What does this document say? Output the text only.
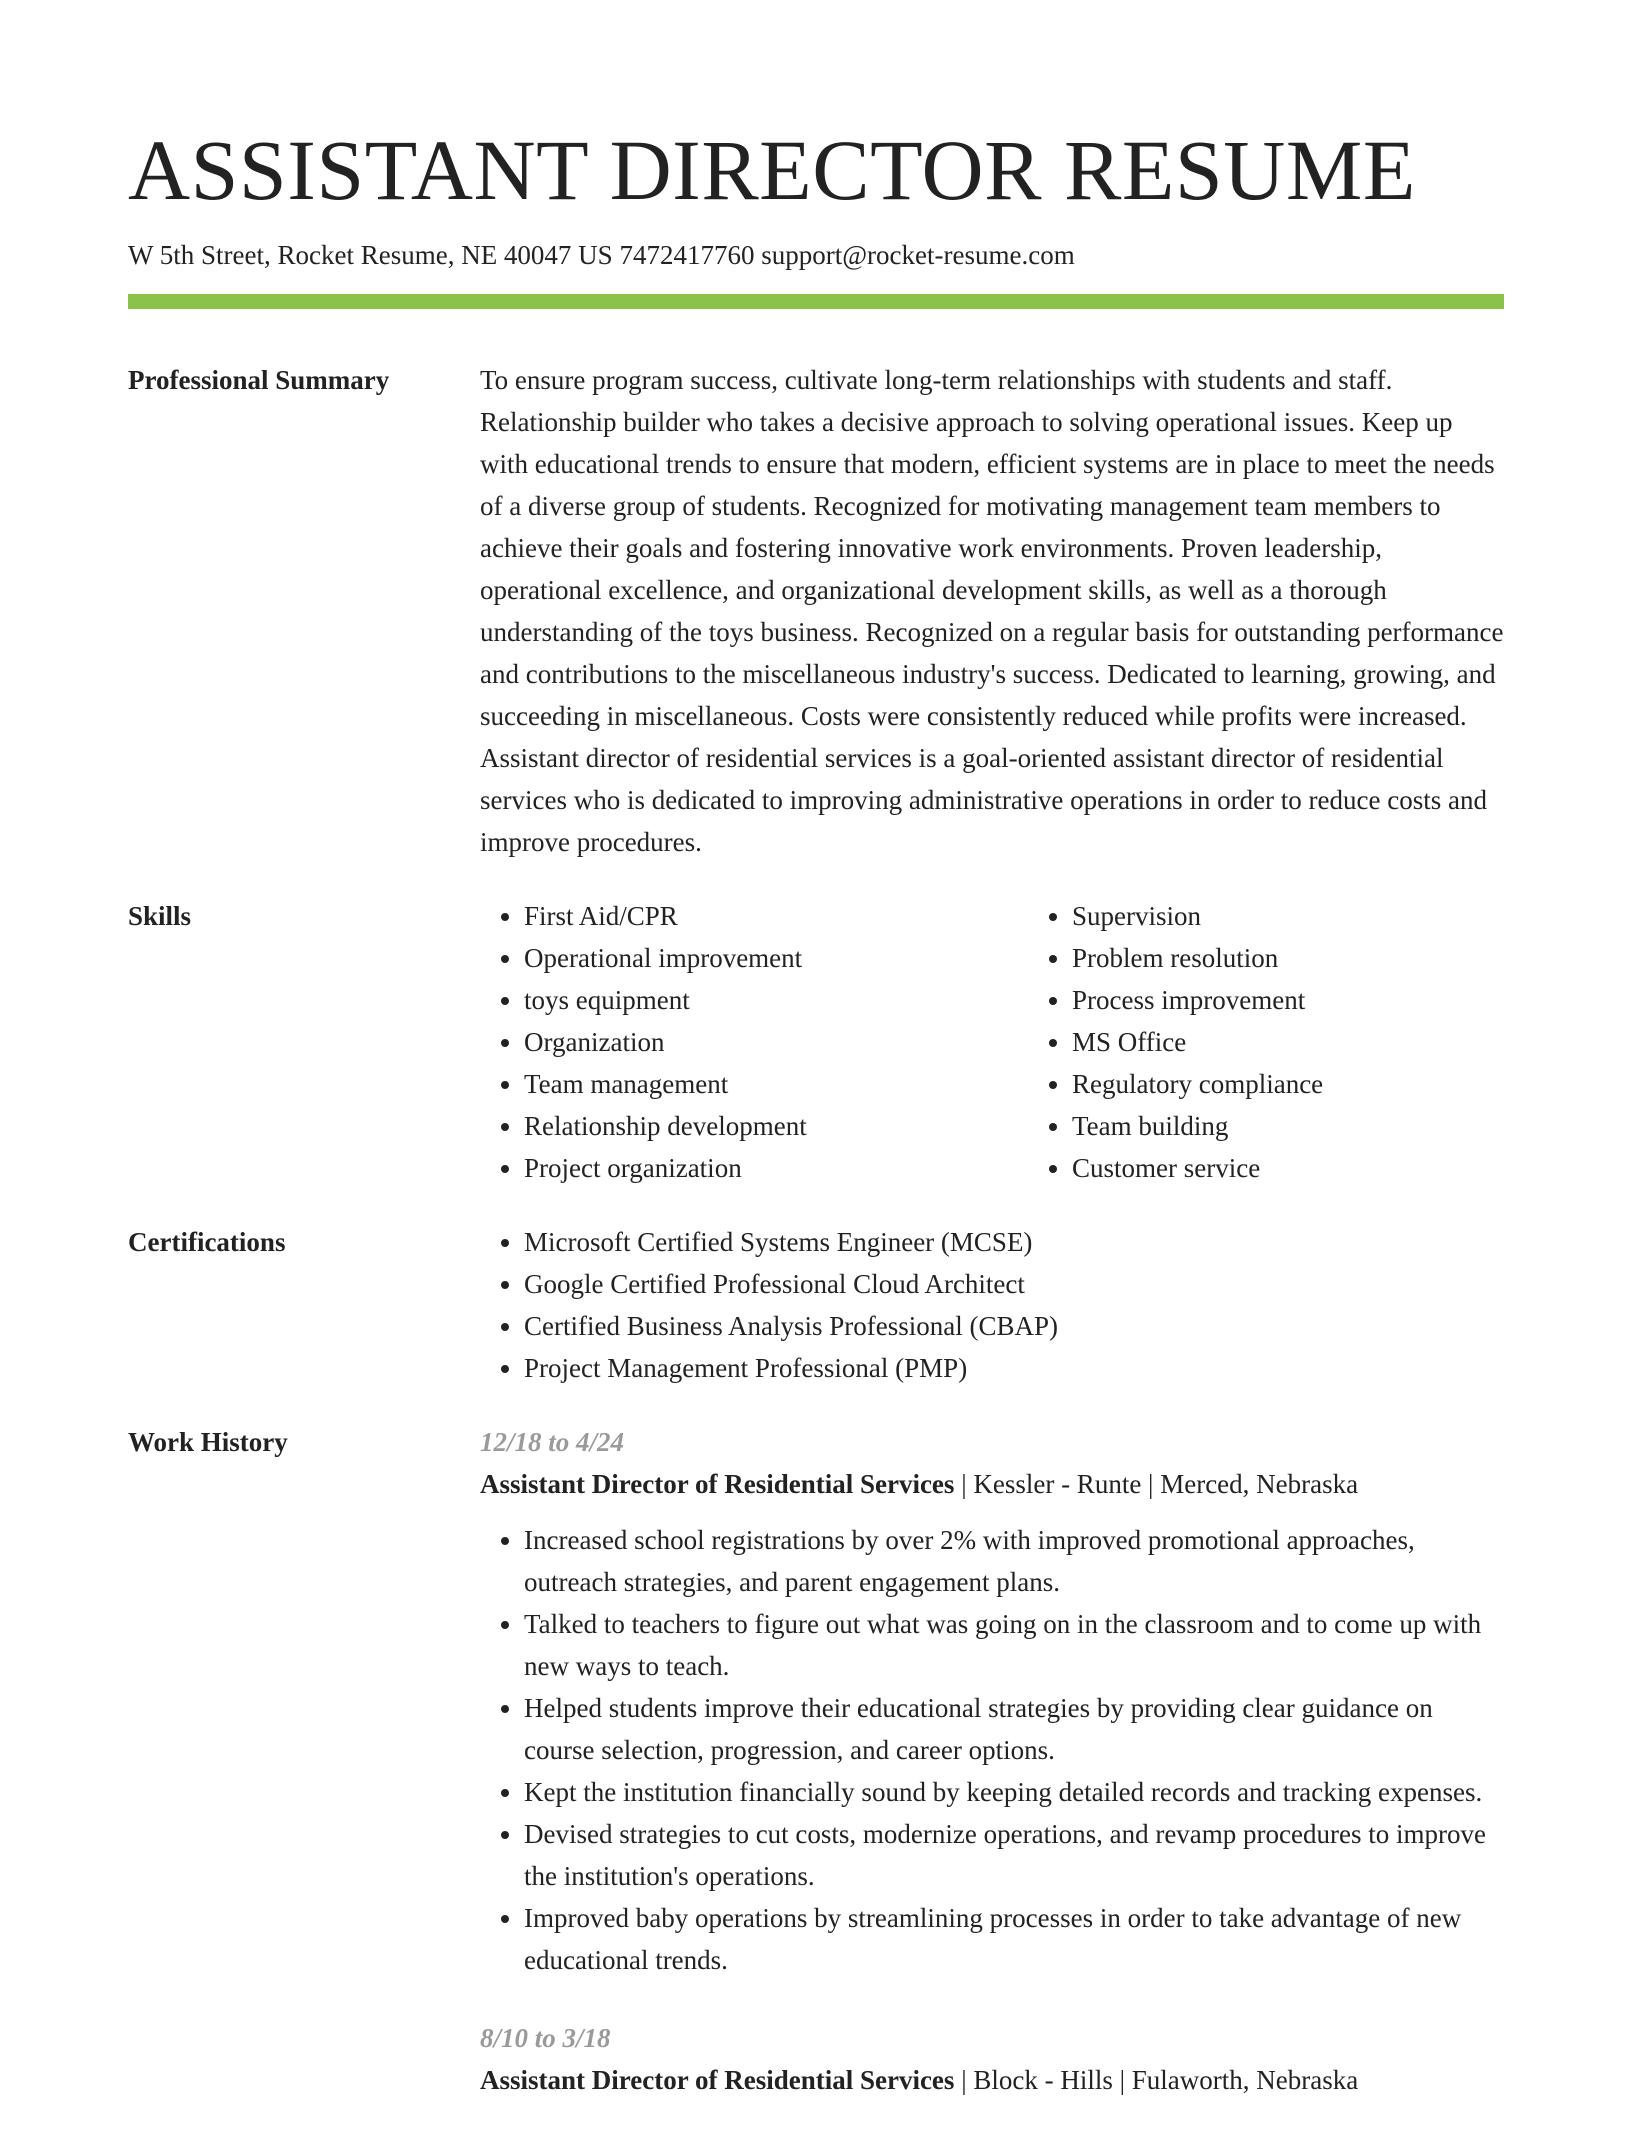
ASSISTANT DIRECTOR RESUME
W 5th Street, Rocket Resume, NE 40047 US 7472417760 support@rocket-resume.com
Professional Summary	To ensure program success, cultivate long-term relationships with students and staff. Relationship builder who takes a decisive approach to solving operational issues. Keep up with educational trends to ensure that modern, efficient systems are in place to meet the needs of a diverse group of students. Recognized for motivating management team members to achieve their goals and fostering innovative work environments. Proven leadership, operational excellence, and organizational development skills, as well as a thorough understanding of the toys business. Recognized on a regular basis for outstanding performance and contributions to the miscellaneous industry's success. Dedicated to learning, growing, and succeeding in miscellaneous. Costs were consistently reduced while profits were increased. Assistant director of residential services is a goal-oriented assistant director of residential services who is dedicated to improving administrative operations in order to reduce costs and improve procedures.

Skills	• First Aid/CPR
• Operational improvement
• toys equipment
• Organization
• Team management
• Relationship development
• Project organization
• Supervision
• Problem resolution
• Process improvement
• MS Office
• Regulatory compliance
• Team building
• Customer service
Certifications	• Microsoft Certified Systems Engineer (MCSE)
• Google Certified Professional Cloud Architect
• Certified Business Analysis Professional (CBAP)
• Project Management Professional (PMP)
Work History	12/18 to 4/24
Assistant Director of Residential Services | Kessler - Runte | Merced, Nebraska
• Increased school registrations by over 2% with improved promotional approaches, outreach strategies, and parent engagement plans.
• Talked to teachers to figure out what was going on in the classroom and to come up with new ways to teach.
• Helped students improve their educational strategies by providing clear guidance on course selection, progression, and career options.
• Kept the institution financially sound by keeping detailed records and tracking expenses.
• Devised strategies to cut costs, modernize operations, and revamp procedures to improve the institution's operations.
• Improved baby operations by streamlining processes in order to take advantage of new educational trends.
8/10 to 3/18
Assistant Director of Residential Services | Block - Hills | Fulaworth, Nebraska
